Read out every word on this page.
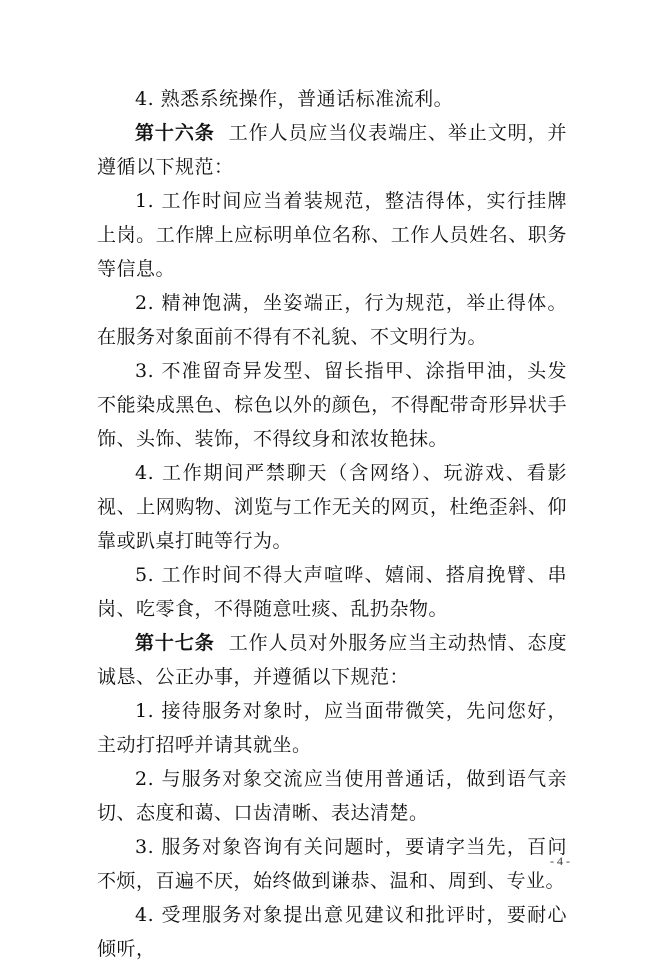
4. 熟悉系统操作，普通话标准流利。

第十六条 工作人员应当仪表端庄、举止文明，并遵循以下规范：

1. 工作时间应当着装规范，整洁得体，实行挂牌上岗。工作牌上应标明单位名称、工作人员姓名、职务等信息。

2. 精神饱满，坐姿端正，行为规范，举止得体。在服务对象面前不得有不礼貌、不文明行为。

3. 不准留奇异发型、留长指甲、涂指甲油，头发不能染成黑色、棕色以外的颜色，不得配带奇形异状手饰、头饰、装饰，不得纹身和浓妆艳抹。

4. 工作期间严禁聊天（含网络）、玩游戏、看影视、上网购物、浏览与工作无关的网页，杜绝歪斜、仰靠或趴桌打盹等行为。

5. 工作时间不得大声喧哗、嬉闹、搭肩挽臂、串岗、吃零食，不得随意吐痰、乱扔杂物。

第十七条 工作人员对外服务应当主动热情、态度诚恳、公正办事，并遵循以下规范：

1. 接待服务对象时，应当面带微笑，先问您好，主动打招呼并请其就坐。

2. 与服务对象交流应当使用普通话，做到语气亲切、态度和蔼、口齿清晰、表达清楚。

3. 服务对象咨询有关问题时，要请字当先，百问不烦，百遍不厌，始终做到谦恭、温和、周到、专业。

4. 受理服务对象提出意见建议和批评时，要耐心倾听，

- 4 -
